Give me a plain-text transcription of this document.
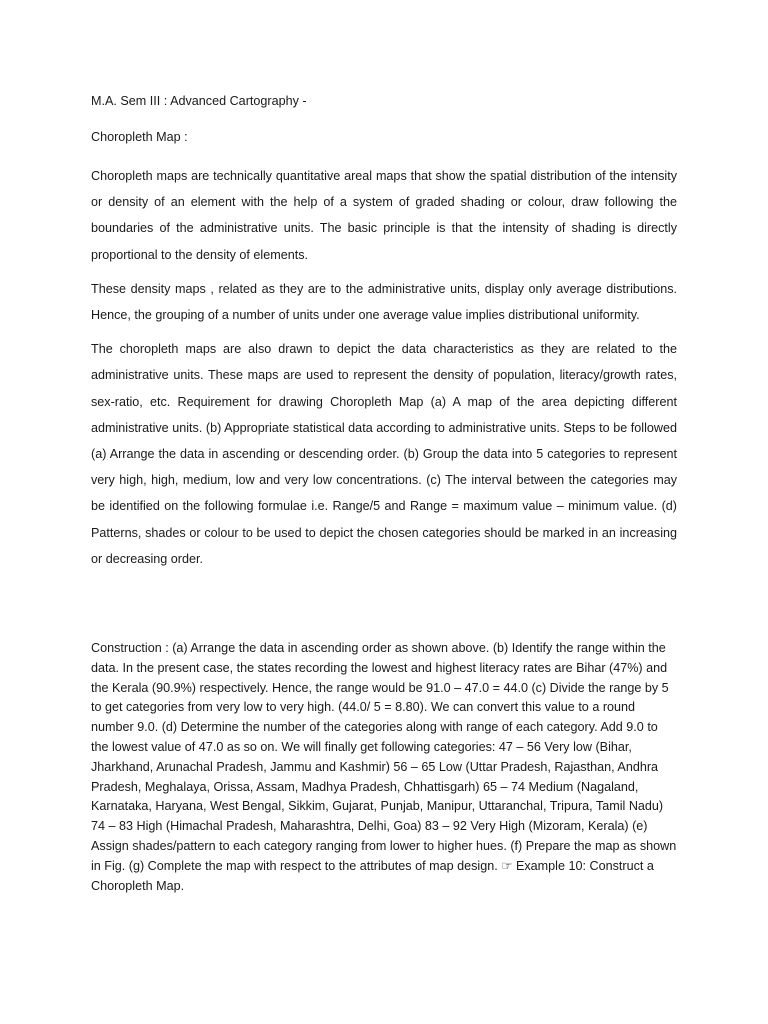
M.A. Sem III : Advanced Cartography -

Choropleth Map :

Choropleth maps are technically quantitative areal maps that show the spatial distribution of the intensity or density of an element with the help of a system of graded shading or colour, draw following the boundaries of the administrative units. The basic principle is that the intensity of shading is directly proportional to the density of elements.

These density maps , related as they are to the administrative units, display only average distributions. Hence, the grouping of a number of units under one average value implies distributional uniformity.

The choropleth maps are also drawn to depict the data characteristics as they are related to the administrative units. These maps are used to represent the density of population, literacy/growth rates, sex-ratio, etc. Requirement for drawing Choropleth Map (a) A map of the area depicting different administrative units. (b) Appropriate statistical data according to administrative units. Steps to be followed (a) Arrange the data in ascending or descending order. (b) Group the data into 5 categories to represent very high, high, medium, low and very low concentrations. (c) The interval between the categories may be identified on the following formulae i.e. Range/5 and Range = maximum value – minimum value. (d) Patterns, shades or colour to be used to depict the chosen categories should be marked in an increasing or decreasing order.

Construction : (a) Arrange the data in ascending order as shown above. (b) Identify the range within the data. In the present case, the states recording the lowest and highest literacy rates are Bihar (47%) and the Kerala (90.9%) respectively. Hence, the range would be 91.0 – 47.0 = 44.0 (c) Divide the range by 5 to get categories from very low to very high. (44.0/ 5 = 8.80). We can convert this value to a round number 9.0. (d) Determine the number of the categories along with range of each category. Add 9.0 to the lowest value of 47.0 as so on. We will finally get following categories: 47 – 56 Very low (Bihar, Jharkhand, Arunachal Pradesh, Jammu and Kashmir) 56 – 65 Low (Uttar Pradesh, Rajasthan, Andhra Pradesh, Meghalaya, Orissa, Assam, Madhya Pradesh, Chhattisgarh) 65 – 74 Medium (Nagaland, Karnataka, Haryana, West Bengal, Sikkim, Gujarat, Punjab, Manipur, Uttaranchal, Tripura, Tamil Nadu) 74 – 83 High (Himachal Pradesh, Maharashtra, Delhi, Goa) 83 – 92 Very High (Mizoram, Kerala) (e) Assign shades/pattern to each category ranging from lower to higher hues. (f) Prepare the map as shown in Fig. (g) Complete the map with respect to the attributes of map design. ☞ Example 10: Construct a Choropleth Map.
